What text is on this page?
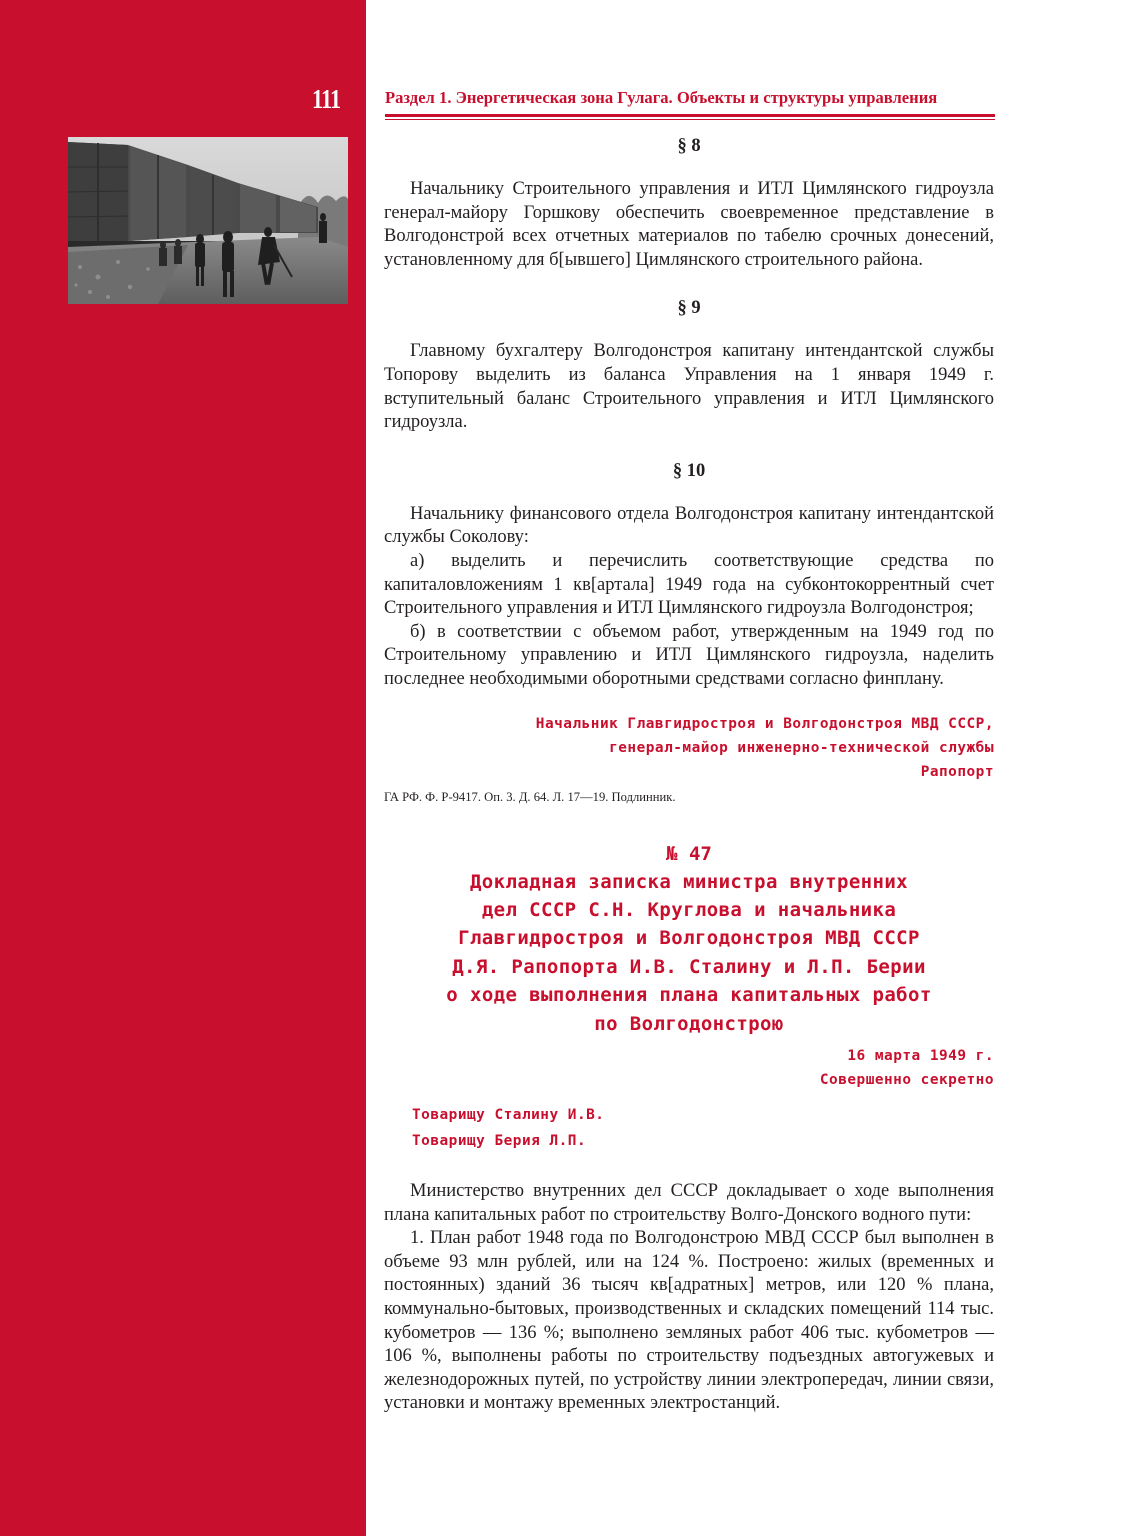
111	Раздел 1. Энергетическая зона Гулага. Объекты и структуры управления
§ 8

Начальнику Строительного управления и ИТЛ Цимлянского гидроузла генерал-майору Горшкову обеспечить своевременное представление в Волгодонстрой всех отчетных материалов по табелю срочных донесений, установленному для б[ывшего] Цимлянского строительного района.

§ 9

Главному бухгалтеру Волгодонстроя капитану интендантской службы Топорову выделить из баланса Управления на 1 января 1949 г. вступительный баланс Строительного управления и ИТЛ Цимлянского гидроузла.

§ 10

Начальнику финансового отдела Волгодонстроя капитану интендантской службы Соколову:

а) выделить и перечислить соответствующие средства по капиталовложениям 1 кв[артала] 1949 года на субконтокоррентный счет Строительного управления и ИТЛ Цимлянского гидроузла Волгодонстроя;

б) в соответствии с объемом работ, утвержденным на 1949 год по Строительному управлению и ИТЛ Цимлянского гидроузла, наделить последнее необходимыми оборотными средствами согласно финплану.

Начальник Главгидростроя и Волгодонстроя МВД СССР,
генерал-майор инженерно-технической службы
Рапопорт
ГА РФ. Ф. Р-9417. Оп. 3. Д. 64. Л. 17—19. Подлинник.
№ 47
Докладная записка министра внутренних
дел СССР С.Н. Круглова и начальника
Главгидростроя и Волгодонстроя МВД СССР
Д.Я. Рапопорта И.В. Сталину и Л.П. Берии
о ходе выполнения плана капитальных работ
по Волгодонстрою
16 марта 1949 г.
Совершенно секретно
Товарищу Сталину И.В.
Товарищу Берия Л.П.

Министерство внутренних дел СССР докладывает о ходе выполнения плана капитальных работ по строительству Волго-Донского водного пути:

1. План работ 1948 года по Волгодонстрою МВД СССР был выполнен в объеме 93 млн рублей, или на 124 %. Построено: жилых (временных и постоянных) зданий 36 тысяч кв[адратных] метров, или 120 % плана, коммунально-бытовых, производственных и складских помещений 114 тыс. кубометров — 136 %; выполнено земляных работ 406 тыс. кубометров — 106 %, выполнены работы по строительству подъездных автогужевых и железнодорожных путей, по устройству линии электропередач, линии связи, установки и монтажу временных электростанций.
